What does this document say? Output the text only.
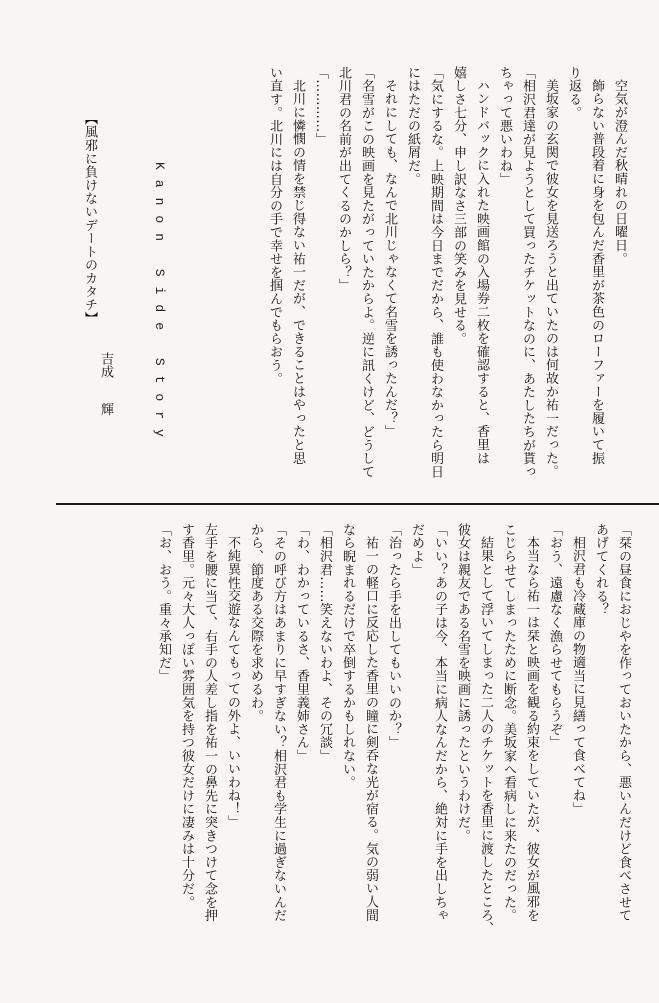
空気が澄んだ秋晴れの日曜日。
飾らない普段着に身を包んだ香里が茶色のローファーを履いて振
り返る。
美坂家の玄関で彼女を見送ろうと出ていたのは何故か祐一だった。
「相沢君達が見ようとして買ったチケットなのに、あたしたちが貰っ
ちゃって悪いわね」
ハンドバックに入れた映画館の入場券二枚を確認すると、香里は
嬉しさ七分、申し訳なさ三部の笑みを見せる。
「気にするな。上映期間は今日までだから、誰も使わなかったら明日
にはただの紙屑だ。
それにしても、なんで北川じゃなくて名雪を誘ったんだ？」
「名雪がこの映画を見たがっていたからよ。逆に訊くけど、どうして
北川君の名前が出てくるのかしら？」
「…………」
北川に憐憫の情を禁じ得ない祐一だが、できることはやったと思
い直す。北川には自分の手で幸せを掴んでもらおう。
Kanon Side Story
【風邪に負けないデートのカタチ】
吉成輝
「栞の昼食におじやを作っておいたから、悪いんだけど食べさせて
あげてくれる？
相沢君も冷蔵庫の物適当に見繕って食べてね」
「おう、遠慮なく漁らせてもらうぞ」
本当なら祐一は栞と映画を観る約束をしていたが、彼女が風邪を
こじらせてしまったために断念。美坂家へ看病しに来たのだった。
結果として浮いてしまった二人のチケットを香里に渡したところ、
彼女は親友である名雪を映画に誘ったというわけだ。
「いい？あの子は今、本当に病人なんだから、絶対に手を出しちゃ
だめよ」
「治ったら手を出してもいいのか？」
祐一の軽口に反応した香里の瞳に剣呑な光が宿る。気の弱い人間
なら睨まれるだけで卒倒するかもしれない。
「相沢君……笑えないわよ、その冗談」
「わ、わかっているさ、香里義姉さん」
「その呼び方はあまりに早すぎない？相沢君も学生に過ぎないんだ
から、節度ある交際を求めるわ。
不純異性交遊なんてもっての外よ、いいわね！」
左手を腰に当て、右手の人差し指を祐一の鼻先に突きつけて念を押
す香里。元々大人っぽい雰囲気を持つ彼女だけに凄みは十分だ。
「お、おう。重々承知だ」
